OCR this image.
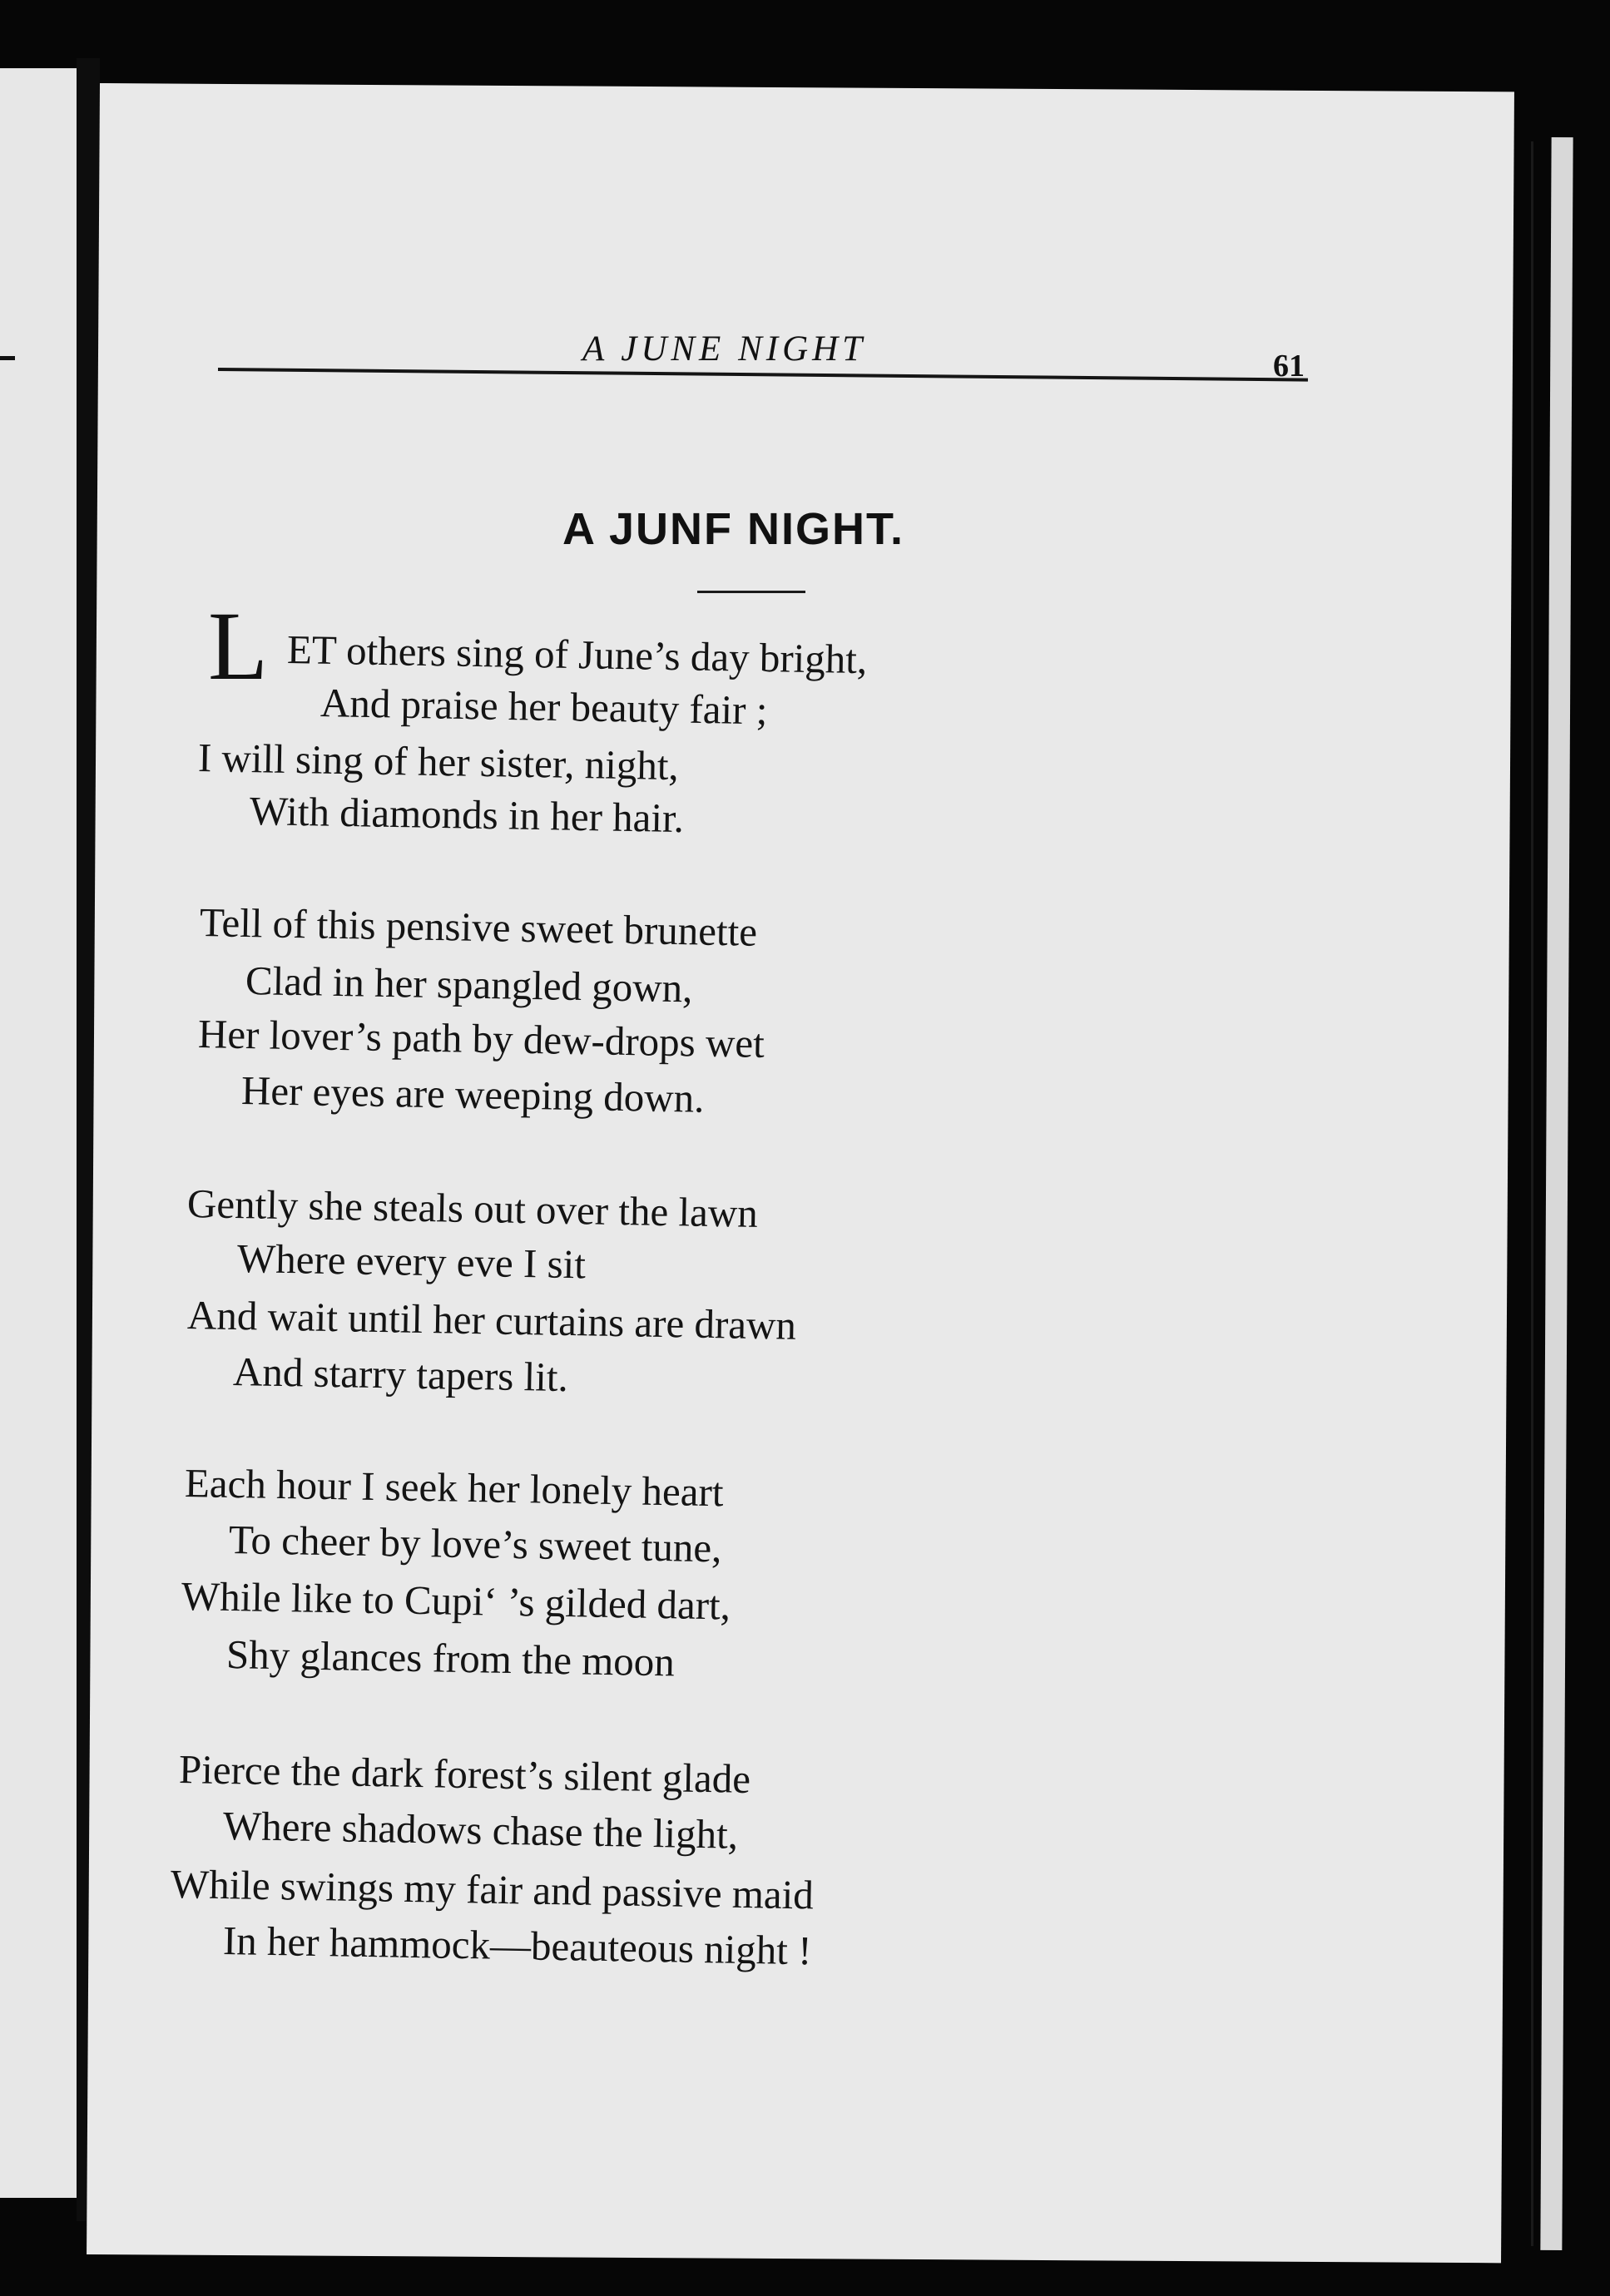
A JUNE NIGHT	61
A JUNF NIGHT.
L ET others sing of June’s day bright,
And praise her beauty fair ;
I will sing of her sister, night,
With diamonds in her hair.
Tell of this pensive sweet brunette
Clad in her spangled gown,
Her lover’s path by dew-drops wet
Her eyes are weeping down.
Gently she steals out over the lawn
Where every eve I sit
And wait until her curtains are drawn
And starry tapers lit.
Each hour I seek her lonely heart
To cheer by love’s sweet tune,
While like to Cupi‘ ’s gilded dart,
Shy glances from the moon
Pierce the dark forest’s silent glade
Where shadows chase the light,
While swings my fair and passive maid
In her hammock—beauteous night !
